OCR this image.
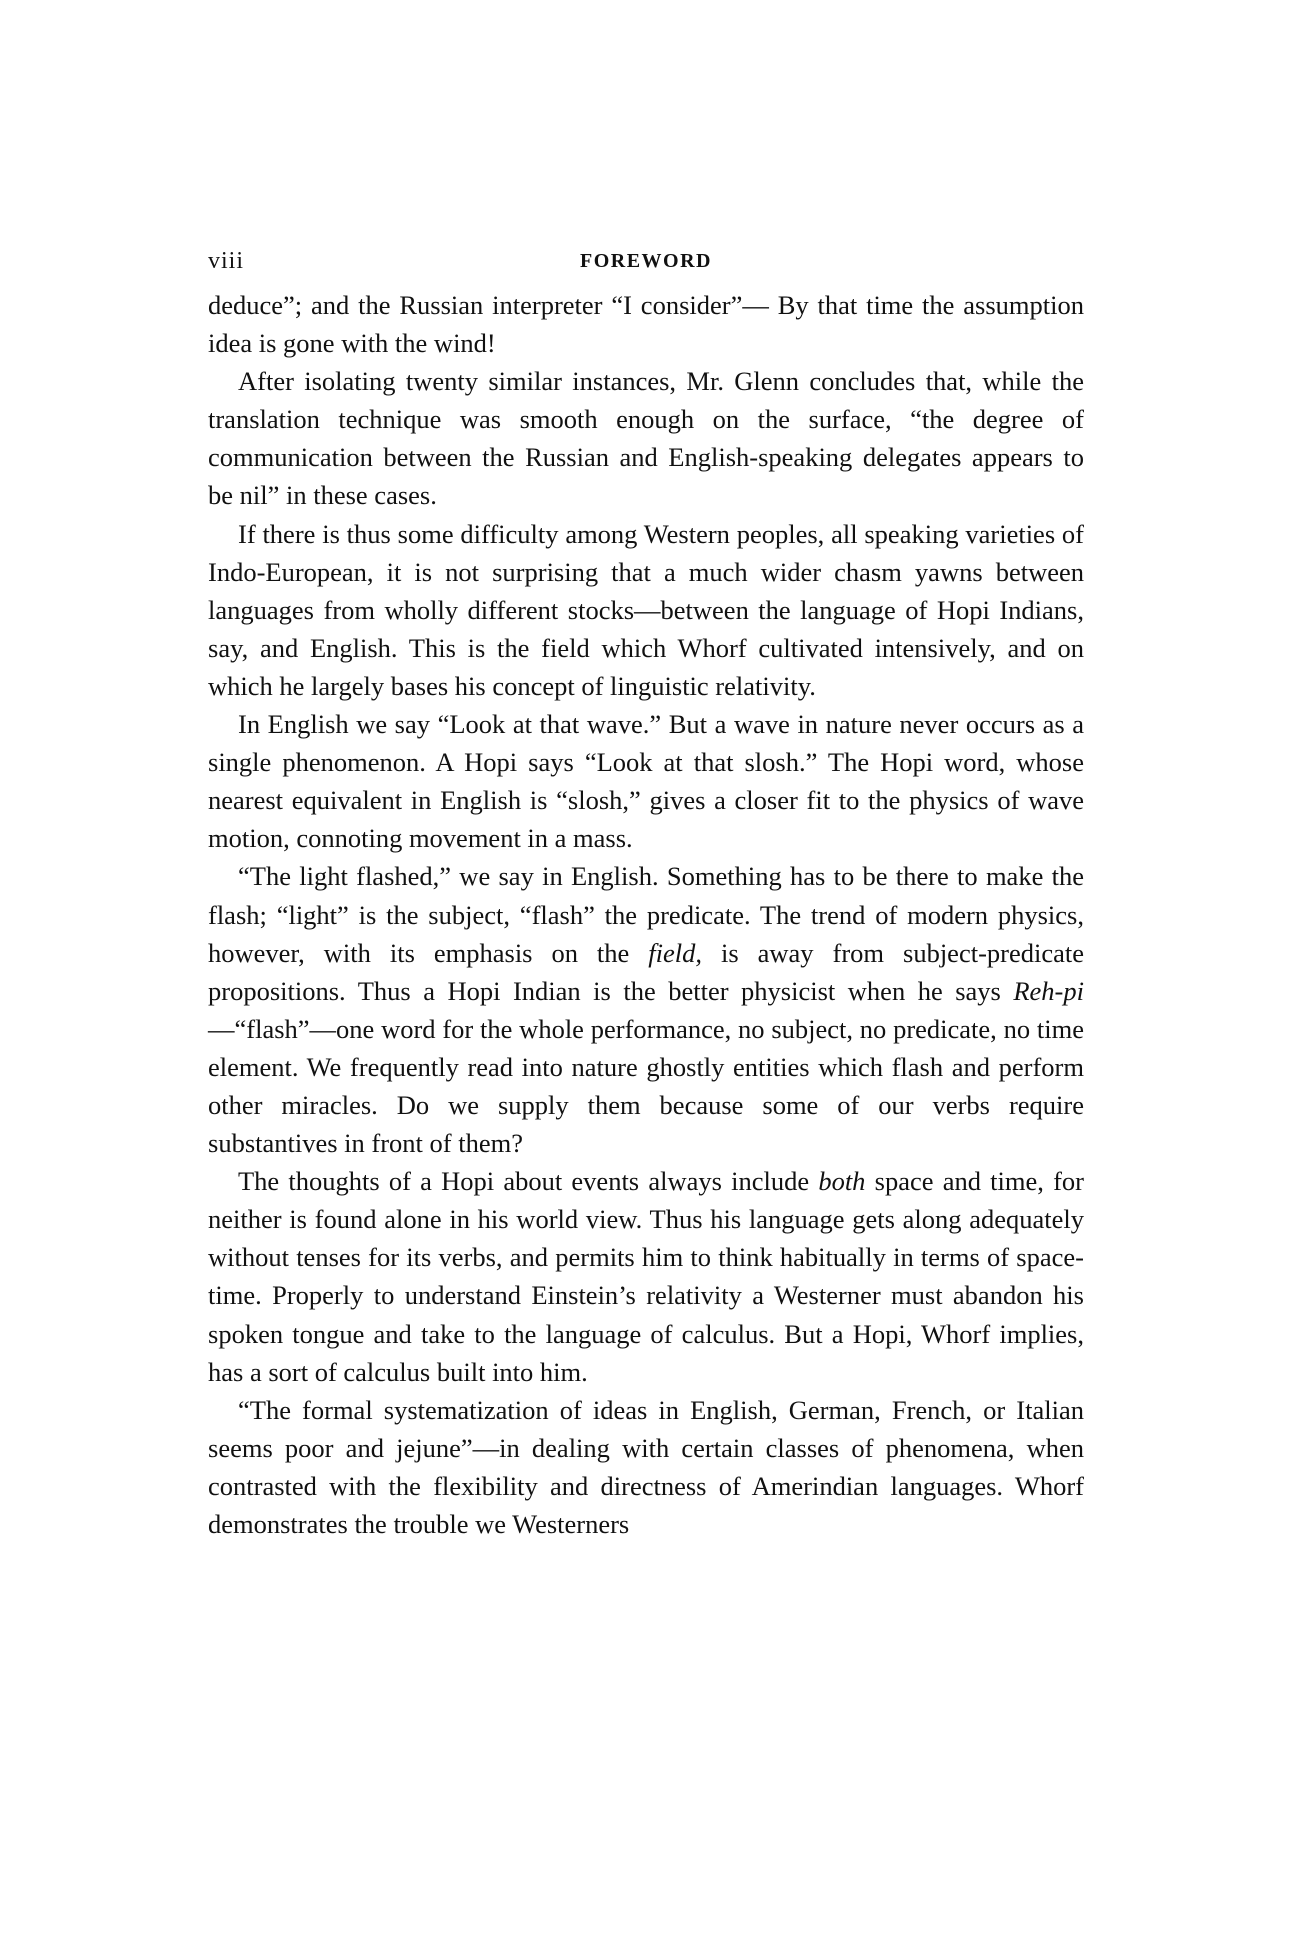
viii	FOREWORD

deduce”; and the Russian interpreter “I consider”— By that time the assumption idea is gone with the wind!

After isolating twenty similar instances, Mr. Glenn concludes that, while the translation technique was smooth enough on the surface, “the degree of communication between the Russian and English-speaking delegates appears to be nil” in these cases.

If there is thus some difficulty among Western peoples, all speaking varieties of Indo-European, it is not surprising that a much wider chasm yawns between languages from wholly different stocks—between the language of Hopi Indians, say, and English. This is the field which Whorf cultivated intensively, and on which he largely bases his concept of linguistic relativity.

In English we say “Look at that wave.” But a wave in nature never occurs as a single phenomenon. A Hopi says “Look at that slosh.” The Hopi word, whose nearest equivalent in English is “slosh,” gives a closer fit to the physics of wave motion, connoting movement in a mass.

“The light flashed,” we say in English. Something has to be there to make the flash; “light” is the subject, “flash” the predicate. The trend of modern physics, however, with its emphasis on the field, is away from subject-predicate propositions. Thus a Hopi Indian is the better physicist when he says Reh-pi—“flash”—one word for the whole performance, no subject, no predicate, no time element. We frequently read into nature ghostly entities which flash and perform other miracles. Do we supply them because some of our verbs require substantives in front of them?

The thoughts of a Hopi about events always include both space and time, for neither is found alone in his world view. Thus his language gets along adequately without tenses for its verbs, and permits him to think habitually in terms of space-time. Properly to understand Einstein’s relativity a Westerner must abandon his spoken tongue and take to the language of calculus. But a Hopi, Whorf implies, has a sort of calculus built into him.

“The formal systematization of ideas in English, German, French, or Italian seems poor and jejune”—in dealing with certain classes of phenomena, when contrasted with the flexibility and directness of Amerindian languages. Whorf demonstrates the trouble we Westerners
